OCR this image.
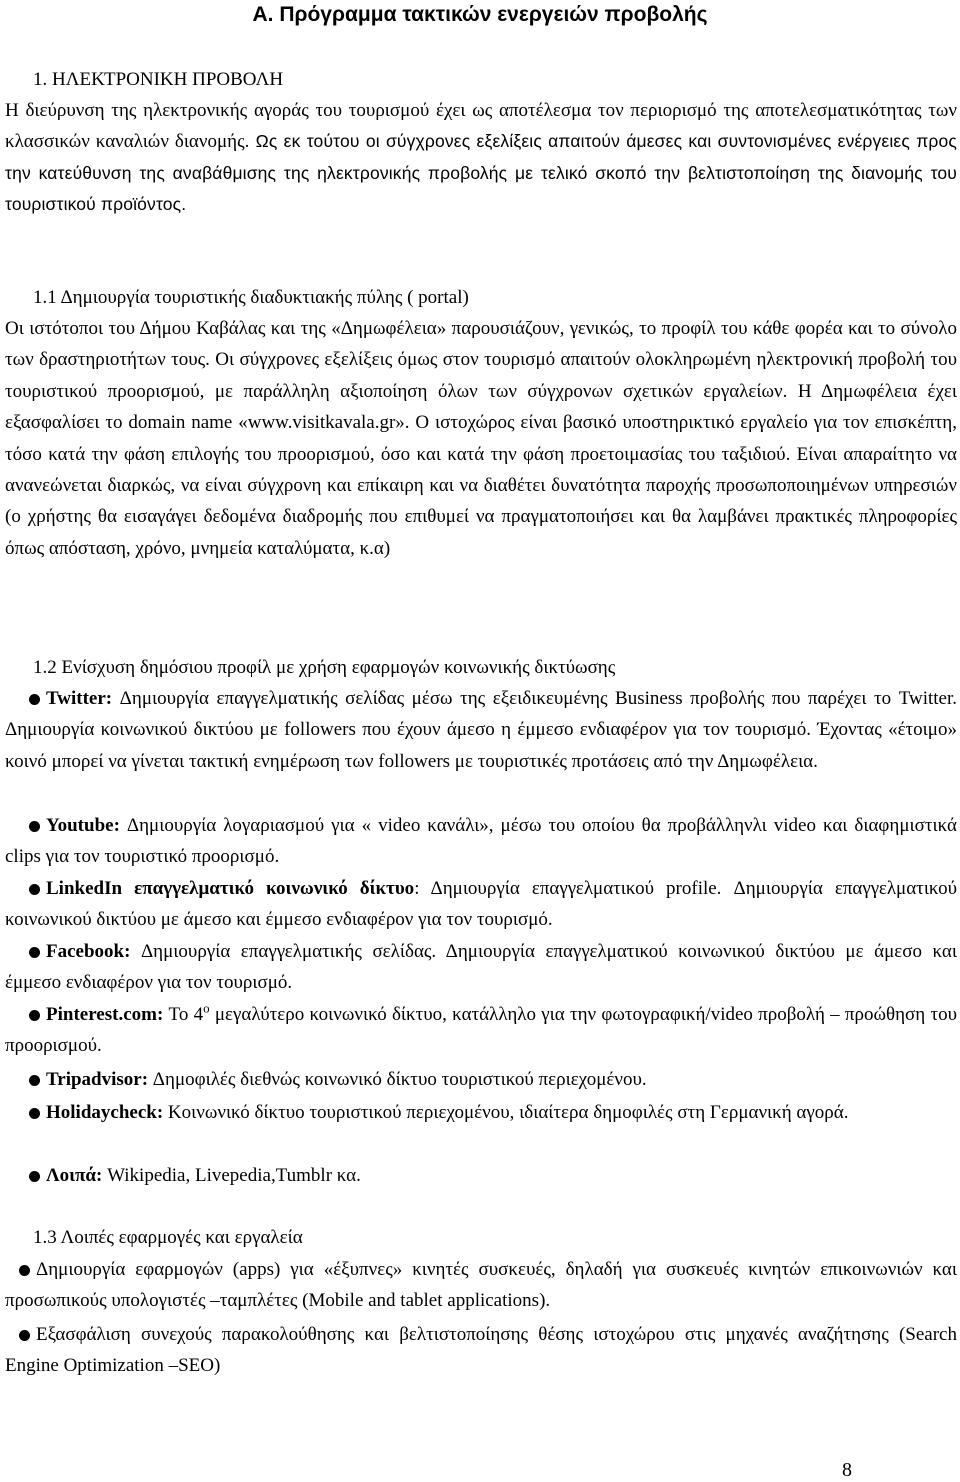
A. Πρόγραμμα τακτικών ενεργειών προβολής
1. ΗΛΕΚΤΡΟΝΙΚΗ ΠΡΟΒΟΛΗ

Η διεύρυνση της ηλεκτρονικής αγοράς του τουρισμού έχει ως αποτέλεσμα τον περιορισμό της αποτελεσματικότητας των κλασσικών καναλιών διανομής. Ως εκ τούτου οι σύγχρονες εξελίξεις απαιτούν άμεσες και συντονισμένες ενέργειες προς την κατεύθυνση της αναβάθμισης της ηλεκτρονικής προβολής με τελικό σκοπό την βελτιστοποίηση της διανομής του τουριστικού προϊόντος.

1.1 Δημιουργία τουριστικής διαδυκτιακής πύλης ( portal)

Οι ιστότοποι του Δήμου Καβάλας και της «Δημωφέλεια» παρουσιάζουν, γενικώς, το προφίλ του κάθε φορέα και το σύνολο των δραστηριοτήτων τους. Οι σύγχρονες εξελίξεις όμως στον τουρισμό απαιτούν ολοκληρωμένη ηλεκτρονική προβολή του τουριστικού προορισμού, με παράλληλη αξιοποίηση όλων των σύγχρονων σχετικών εργαλείων. Η Δημωφέλεια έχει εξασφαλίσει το domain name «www.visitkavala.gr». Ο ιστοχώρος είναι βασικό υποστηρικτικό εργαλείο για τον επισκέπτη, τόσο κατά την φάση επιλογής του προορισμού, όσο και κατά την φάση προετοιμασίας του ταξιδιού. Είναι απαραίτητο να ανανεώνεται διαρκώς, να είναι σύγχρονη και επίκαιρη και να διαθέτει δυνατότητα παροχής προσωποποιημένων υπηρεσιών (ο χρήστης θα εισαγάγει δεδομένα διαδρομής που επιθυμεί να πραγματοποιήσει και θα λαμβάνει πρακτικές πληροφορίες όπως απόσταση, χρόνο, μνημεία καταλύματα, κ.α)

1.2 Ενίσχυση δημόσιου προφίλ με χρήση εφαρμογών κοινωνικής δικτύωσης

Twitter: Δημιουργία επαγγελματικής σελίδας μέσω της εξειδικευμένης Business προβολής που παρέχει το Twitter. Δημιουργία κοινωνικού δικτύου με followers που έχουν άμεσο η έμμεσο ενδιαφέρον για τον τουρισμό. Έχοντας «έτοιμο» κοινό μπορεί να γίνεται τακτική ενημέρωση των followers με τουριστικές προτάσεις από την Δημωφέλεια.

Youtube: Δημιουργία λογαριασμού για « video κανάλι», μέσω του οποίου θα προβάλληνλι video και διαφημιστικά clips για τον τουριστικό προορισμό.

LinkedIn επαγγελματικό κοινωνικό δίκτυο: Δημιουργία επαγγελματικού profile. Δημιουργία επαγγελματικού κοινωνικού δικτύου με άμεσο και έμμεσο ενδιαφέρον για τον τουρισμό.

Facebook: Δημιουργία επαγγελματικής σελίδας. Δημιουργία επαγγελματικού κοινωνικού δικτύου με άμεσο και έμμεσο ενδιαφέρον για τον τουρισμό.

Pinterest.com: Το $4^o$ μεγαλύτερο κοινωνικό δίκτυο, κατάλληλο για την φωτογραφική/video προβολή – προώθηση του προορισμού.

Tripadvisor: Δημοφιλές διεθνώς κοινωνικό δίκτυο τουριστικού περιεχομένου.

Holidaycheck: Κοινωνικό δίκτυο τουριστικού περιεχομένου, ιδιαίτερα δημοφιλές στη Γερμανική αγορά.

Λοιπά: Wikipedia, Livepedia,Tumblr κα.

1.3 Λοιπές εφαρμογές και εργαλεία

Δημιουργία εφαρμογών (apps) για «έξυπνες» κινητές συσκευές, δηλαδή για συσκευές κινητών επικοινωνιών και προσωπικούς υπολογιστές –ταμπλέτες (Mobile and tablet applications).

Εξασφάλιση συνεχούς παρακολούθησης και βελτιστοποίησης θέσης ιστοχώρου στις μηχανές αναζήτησης (Search Engine Optimization –SEO)

8
